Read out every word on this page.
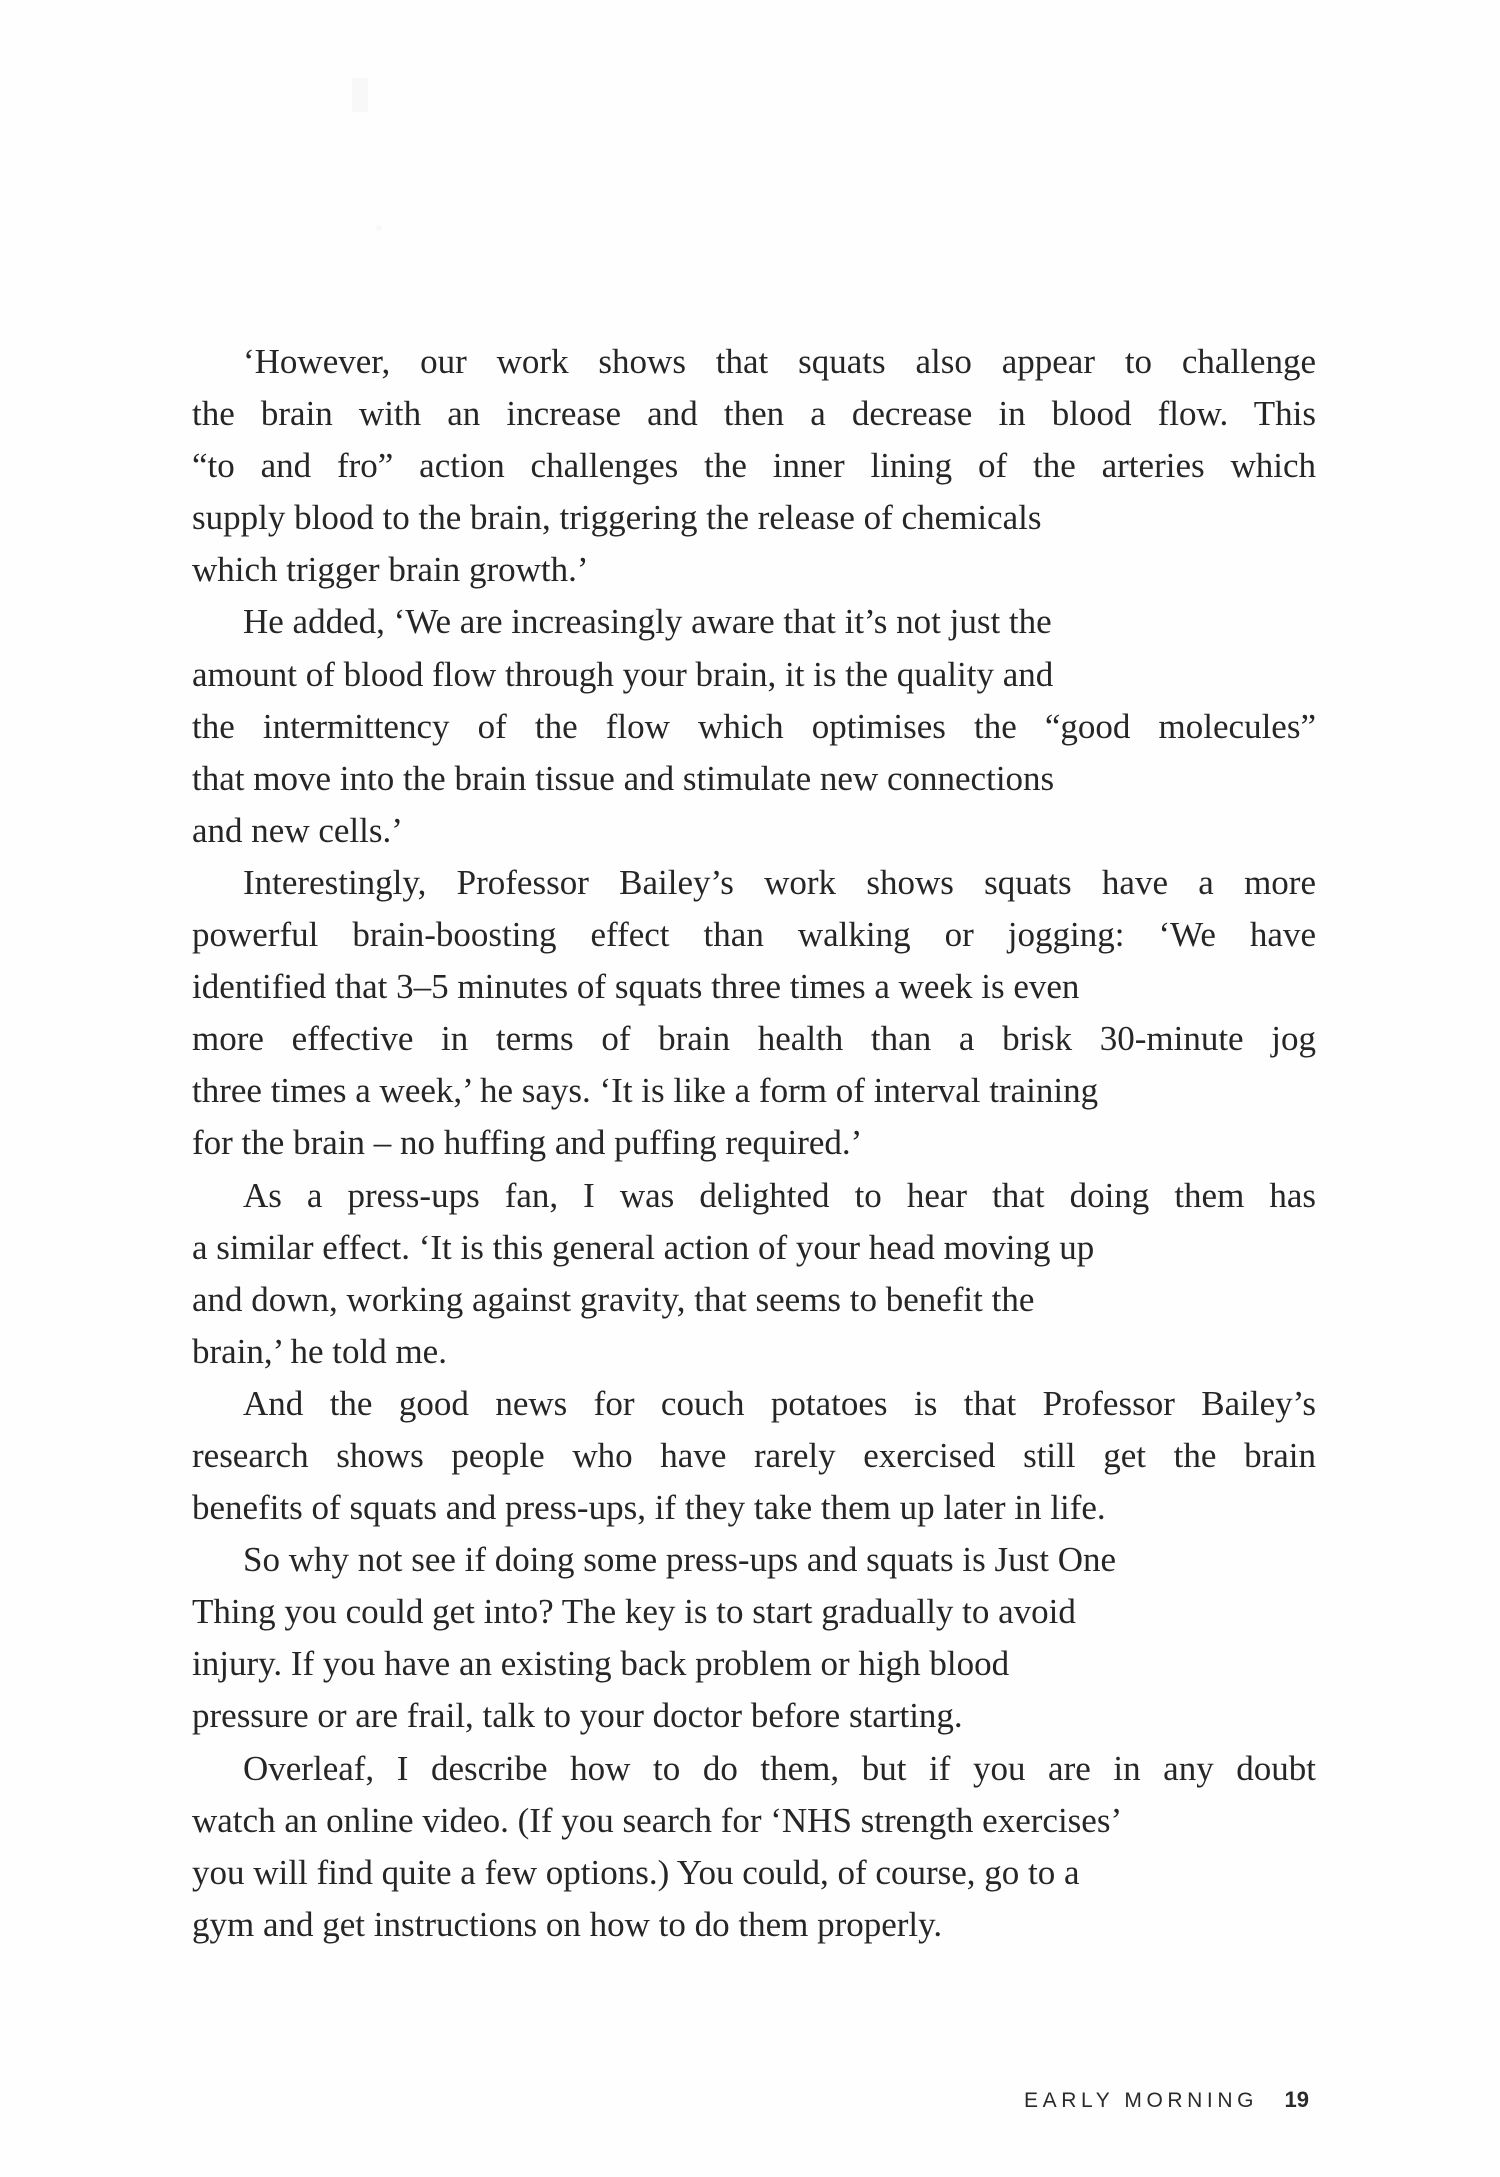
‘However, our work shows that squats also appear to challenge
the brain with an increase and then a decrease in blood flow. This
“to and fro” action challenges the inner lining of the arteries which
supply blood to the brain, triggering the release of chemicals
which trigger brain growth.’

He added, ‘We are increasingly aware that it’s not just the
amount of blood flow through your brain, it is the quality and
the intermittency of the flow which optimises the “good molecules”
that move into the brain tissue and stimulate new connections
and new cells.’

Interestingly, Professor Bailey’s work shows squats have a more
powerful brain-boosting effect than walking or jogging: ‘We have
identified that 3–5 minutes of squats three times a week is even
more effective in terms of brain health than a brisk 30-minute jog
three times a week,’ he says. ‘It is like a form of interval training
for the brain – no huffing and puffing required.’

As a press-ups fan, I was delighted to hear that doing them has
a similar effect. ‘It is this general action of your head moving up
and down, working against gravity, that seems to benefit the
brain,’ he told me.

And the good news for couch potatoes is that Professor Bailey’s
research shows people who have rarely exercised still get the brain
benefits of squats and press-ups, if they take them up later in life.

So why not see if doing some press-ups and squats is Just One
Thing you could get into? The key is to start gradually to avoid
injury. If you have an existing back problem or high blood
pressure or are frail, talk to your doctor before starting.

Overleaf, I describe how to do them, but if you are in any doubt
watch an online video. (If you search for ‘NHS strength exercises’
you will find quite a few options.) You could, of course, go to a
gym and get instructions on how to do them properly.

EARLY MORNING 19
